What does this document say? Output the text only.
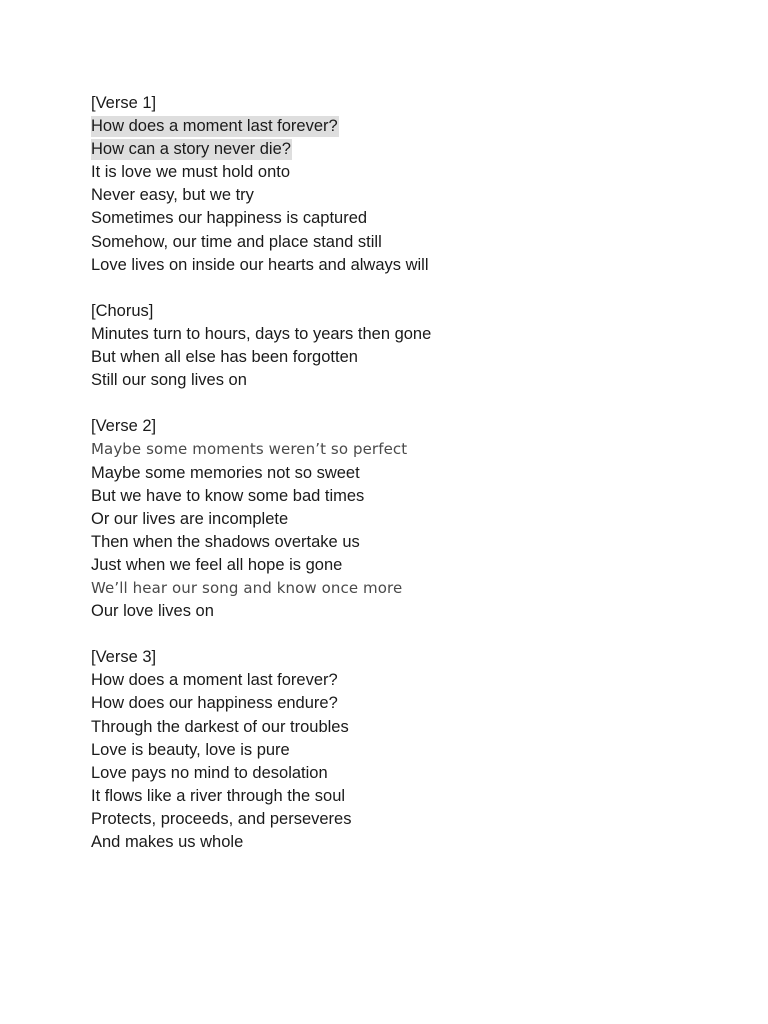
[Verse 1]
How does a moment last forever?
How can a story never die?
It is love we must hold onto
Never easy, but we try
Sometimes our happiness is captured
Somehow, our time and place stand still
Love lives on inside our hearts and always will
[Chorus]
Minutes turn to hours, days to years then gone
But when all else has been forgotten
Still our song lives on
[Verse 2]
Maybe some moments weren’t so perfect
Maybe some memories not so sweet
But we have to know some bad times
Or our lives are incomplete
Then when the shadows overtake us
Just when we feel all hope is gone
We’ll hear our song and know once more
Our love lives on
[Verse 3]
How does a moment last forever?
How does our happiness endure?
Through the darkest of our troubles
Love is beauty, love is pure
Love pays no mind to desolation
It flows like a river through the soul
Protects, proceeds, and perseveres
And makes us whole
